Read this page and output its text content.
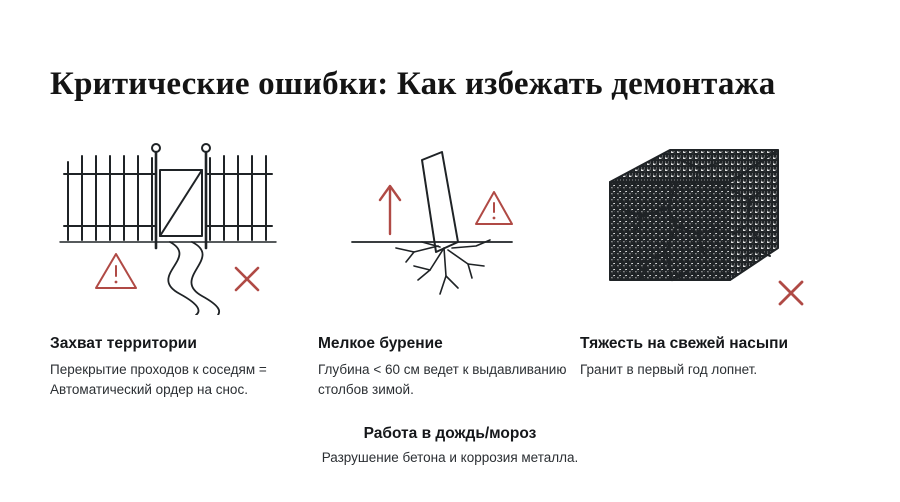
Критические ошибки: Как избежать демонтажа
Захват территории
Перекрытие проходов к соседям = Автоматический ордер на снос.
Мелкое бурение
Глубина < 60 см ведет к выдавливанию столбов зимой.
Тяжесть на свежей насыпи
Гранит в первый год лопнет.
Работа в дождь/мороз
Разрушение бетона и коррозия металла.
